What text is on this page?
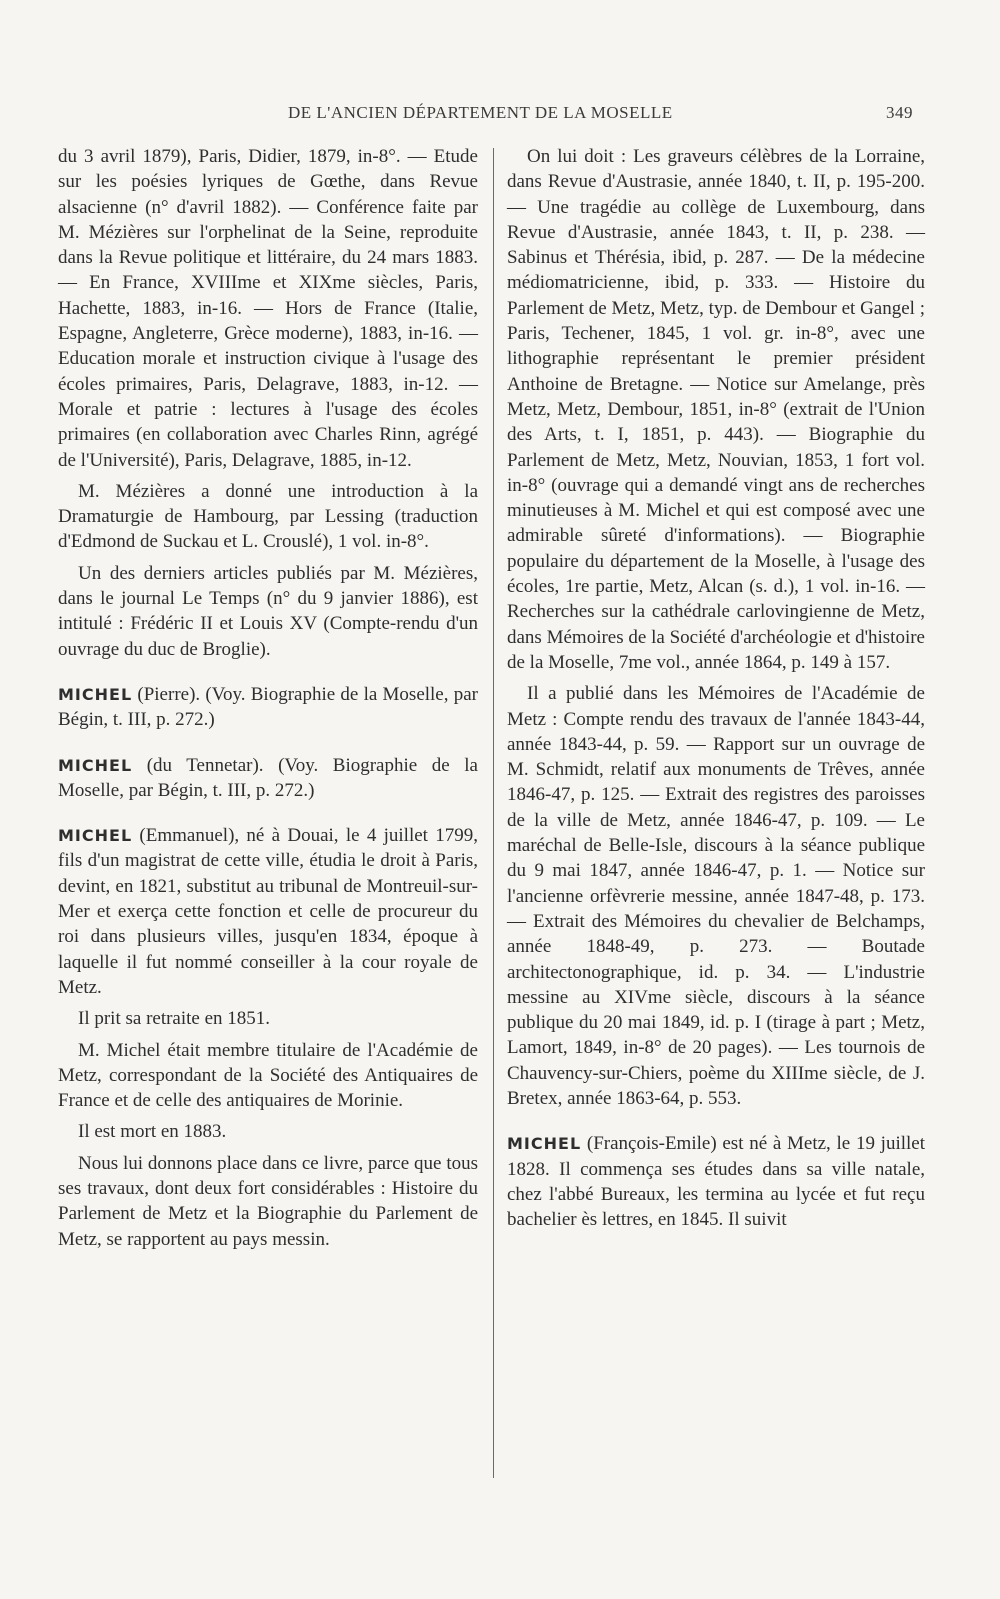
DE L'ANCIEN DÉPARTEMENT DE LA MOSELLE	349

du 3 avril 1879), Paris, Didier, 1879, in-8°. — Etude sur les poésies lyriques de Gœthe, dans Revue alsacienne (n° d'avril 1882). — Conférence faite par M. Mézières sur l'orphelinat de la Seine, reproduite dans la Revue politique et littéraire, du 24 mars 1883. — En France, XVIIIme et XIXme siècles, Paris, Hachette, 1883, in-16. — Hors de France (Italie, Espagne, Angleterre, Grèce moderne), 1883, in-16. — Education morale et instruction civique à l'usage des écoles primaires, Paris, Delagrave, 1883, in-12. — Morale et patrie : lectures à l'usage des écoles primaires (en collaboration avec Charles Rinn, agrégé de l'Université), Paris, Delagrave, 1885, in-12.

M. Mézières a donné une introduction à la Dramaturgie de Hambourg, par Lessing (traduction d'Edmond de Suckau et L. Crouslé), 1 vol. in-8°.

Un des derniers articles publiés par M. Mézières, dans le journal Le Temps (n° du 9 janvier 1886), est intitulé : Frédéric II et Louis XV (Compte-rendu d'un ouvrage du duc de Broglie).

MICHEL (Pierre). (Voy. Biographie de la Moselle, par Bégin, t. III, p. 272.)

MICHEL (du Tennetar). (Voy. Biographie de la Moselle, par Bégin, t. III, p. 272.)

MICHEL (Emmanuel), né à Douai, le 4 juillet 1799, fils d'un magistrat de cette ville, étudia le droit à Paris, devint, en 1821, substitut au tribunal de Montreuil-sur-Mer et exerça cette fonction et celle de procureur du roi dans plusieurs villes, jusqu'en 1834, époque à laquelle il fut nommé conseiller à la cour royale de Metz.

Il prit sa retraite en 1851.

M. Michel était membre titulaire de l'Académie de Metz, correspondant de la Société des Antiquaires de France et de celle des antiquaires de Morinie.

Il est mort en 1883.

Nous lui donnons place dans ce livre, parce que tous ses travaux, dont deux fort considérables : Histoire du Parlement de Metz et la Biographie du Parlement de Metz, se rapportent au pays messin.

On lui doit : Les graveurs célèbres de la Lorraine, dans Revue d'Austrasie, année 1840, t. II, p. 195-200. — Une tragédie au collège de Luxembourg, dans Revue d'Austrasie, année 1843, t. II, p. 238. — Sabinus et Thérésia, ibid, p. 287. — De la médecine médiomatricienne, ibid, p. 333. — Histoire du Parlement de Metz, Metz, typ. de Dembour et Gangel ; Paris, Techener, 1845, 1 vol. gr. in-8°, avec une lithographie représentant le premier président Anthoine de Bretagne. — Notice sur Amelange, près Metz, Metz, Dembour, 1851, in-8° (extrait de l'Union des Arts, t. I, 1851, p. 443). — Biographie du Parlement de Metz, Metz, Nouvian, 1853, 1 fort vol. in-8° (ouvrage qui a demandé vingt ans de recherches minutieuses à M. Michel et qui est composé avec une admirable sûreté d'informations). — Biographie populaire du département de la Moselle, à l'usage des écoles, 1re partie, Metz, Alcan (s. d.), 1 vol. in-16. — Recherches sur la cathédrale carlovingienne de Metz, dans Mémoires de la Société d'archéologie et d'histoire de la Moselle, 7me vol., année 1864, p. 149 à 157.

Il a publié dans les Mémoires de l'Académie de Metz : Compte rendu des travaux de l'année 1843-44, année 1843-44, p. 59. — Rapport sur un ouvrage de M. Schmidt, relatif aux monuments de Trêves, année 1846-47, p. 125. — Extrait des registres des paroisses de la ville de Metz, année 1846-47, p. 109. — Le maréchal de Belle-Isle, discours à la séance publique du 9 mai 1847, année 1846-47, p. 1. — Notice sur l'ancienne orfèvrerie messine, année 1847-48, p. 173. — Extrait des Mémoires du chevalier de Belchamps, année 1848-49, p. 273. — Boutade architectonographique, id. p. 34. — L'industrie messine au XIVme siècle, discours à la séance publique du 20 mai 1849, id. p. I (tirage à part ; Metz, Lamort, 1849, in-8° de 20 pages). — Les tournois de Chauvency-sur-Chiers, poème du XIIIme siècle, de J. Bretex, année 1863-64, p. 553.

MICHEL (François-Emile) est né à Metz, le 19 juillet 1828. Il commença ses études dans sa ville natale, chez l'abbé Bureaux, les termina au lycée et fut reçu bachelier ès lettres, en 1845. Il suivit
